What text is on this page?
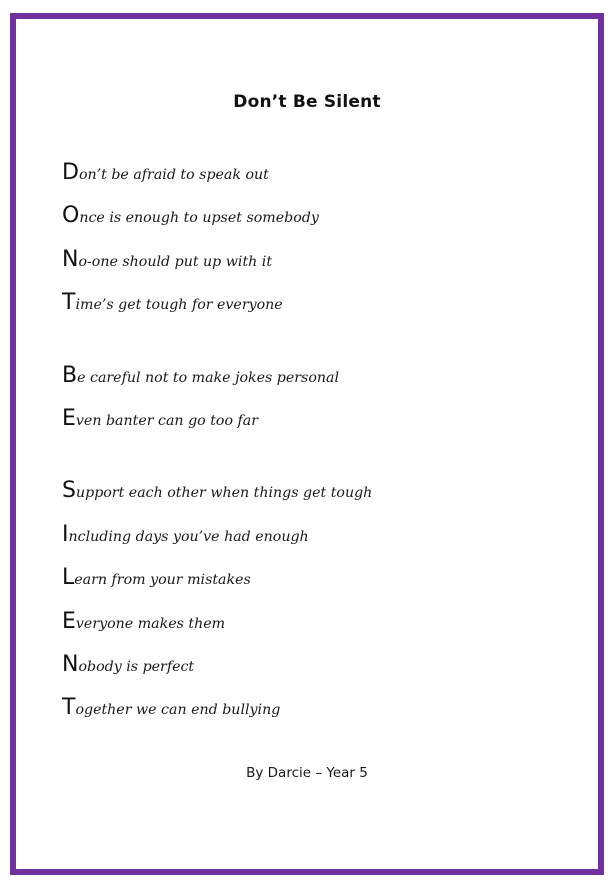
Don’t Be Silent
Don’t be afraid to speak out
Once is enough to upset somebody
No-one should put up with it
Time’s get tough for everyone
Be careful not to make jokes personal
Even banter can go too far
Support each other when things get tough
Including days you’ve had enough
Learn from your mistakes
Everyone makes them
Nobody is perfect
Together we can end bullying
By Darcie – Year 5
